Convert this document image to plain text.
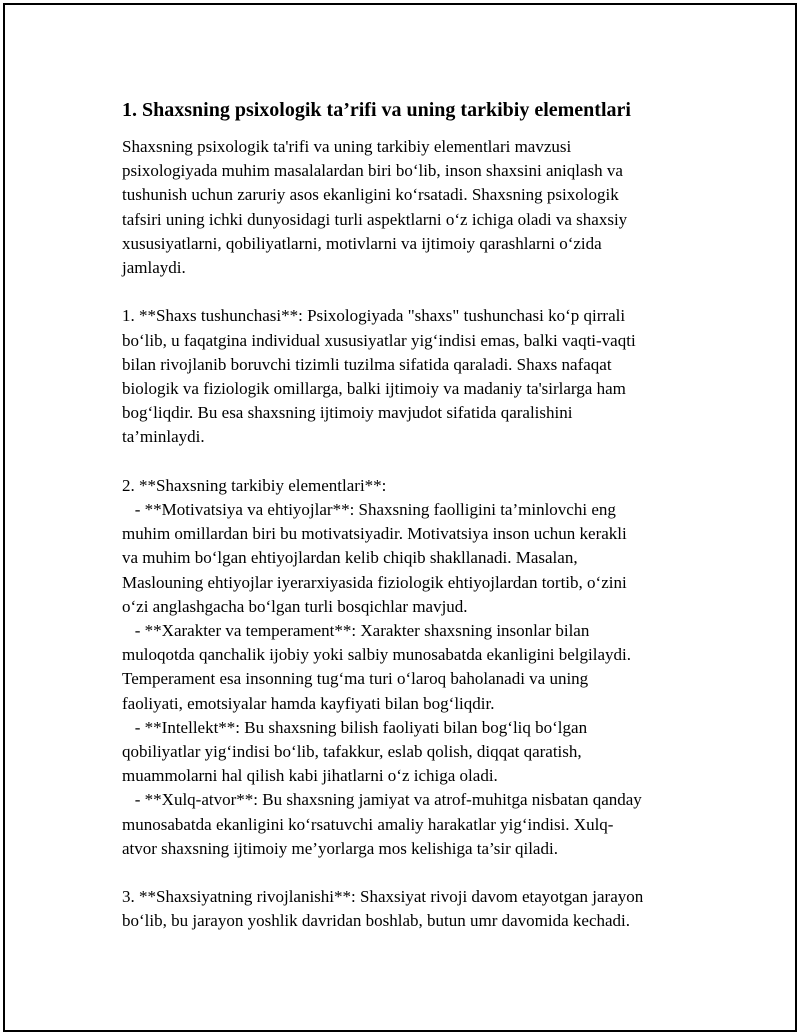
1. Shaxsning psixologik ta’rifi va uning tarkibiy elementlari

Shaxsning psixologik ta'rifi va uning tarkibiy elementlari mavzusi
psixologiyada muhim masalalardan biri bo‘lib, inson shaxsini aniqlash va
tushunish uchun zaruriy asos ekanligini ko‘rsatadi. Shaxsning psixologik
tafsiri uning ichki dunyosidagi turli aspektlarni o‘z ichiga oladi va shaxsiy
xususiyatlarni, qobiliyatlarni, motivlarni va ijtimoiy qarashlarni o‘zida
jamlaydi.

1. **Shaxs tushunchasi**: Psixologiyada "shaxs" tushunchasi ko‘p qirrali
bo‘lib, u faqatgina individual xususiyatlar yig‘indisi emas, balki vaqti-vaqti
bilan rivojlanib boruvchi tizimli tuzilma sifatida qaraladi. Shaxs nafaqat
biologik va fiziologik omillarga, balki ijtimoiy va madaniy ta'sirlarga ham
bog‘liqdir. Bu esa shaxsning ijtimoiy mavjudot sifatida qaralishini
ta’minlaydi.

2. **Shaxsning tarkibiy elementlari**:
- **Motivatsiya va ehtiyojlar**: Shaxsning faolligini ta’minlovchi eng
muhim omillardan biri bu motivatsiyadir. Motivatsiya inson uchun kerakli
va muhim bo‘lgan ehtiyojlardan kelib chiqib shakllanadi. Masalan,
Maslouning ehtiyojlar iyerarxiyasida fiziologik ehtiyojlardan tortib, o‘zini
o‘zi anglashgacha bo‘lgan turli bosqichlar mavjud.
- **Xarakter va temperament**: Xarakter shaxsning insonlar bilan
muloqotda qanchalik ijobiy yoki salbiy munosabatda ekanligini belgilaydi.
Temperament esa insonning tug‘ma turi o‘laroq baholanadi va uning
faoliyati, emotsiyalar hamda kayfiyati bilan bog‘liqdir.
- **Intellekt**: Bu shaxsning bilish faoliyati bilan bog‘liq bo‘lgan
qobiliyatlar yig‘indisi bo‘lib, tafakkur, eslab qolish, diqqat qaratish,
muammolarni hal qilish kabi jihatlarni o‘z ichiga oladi.
- **Xulq-atvor**: Bu shaxsning jamiyat va atrof-muhitga nisbatan qanday
munosabatda ekanligini ko‘rsatuvchi amaliy harakatlar yig‘indisi. Xulq-
atvor shaxsning ijtimoiy me’yorlarga mos kelishiga ta’sir qiladi.

3. **Shaxsiyatning rivojlanishi**: Shaxsiyat rivoji davom etayotgan jarayon
bo‘lib, bu jarayon yoshlik davridan boshlab, butun umr davomida kechadi.
